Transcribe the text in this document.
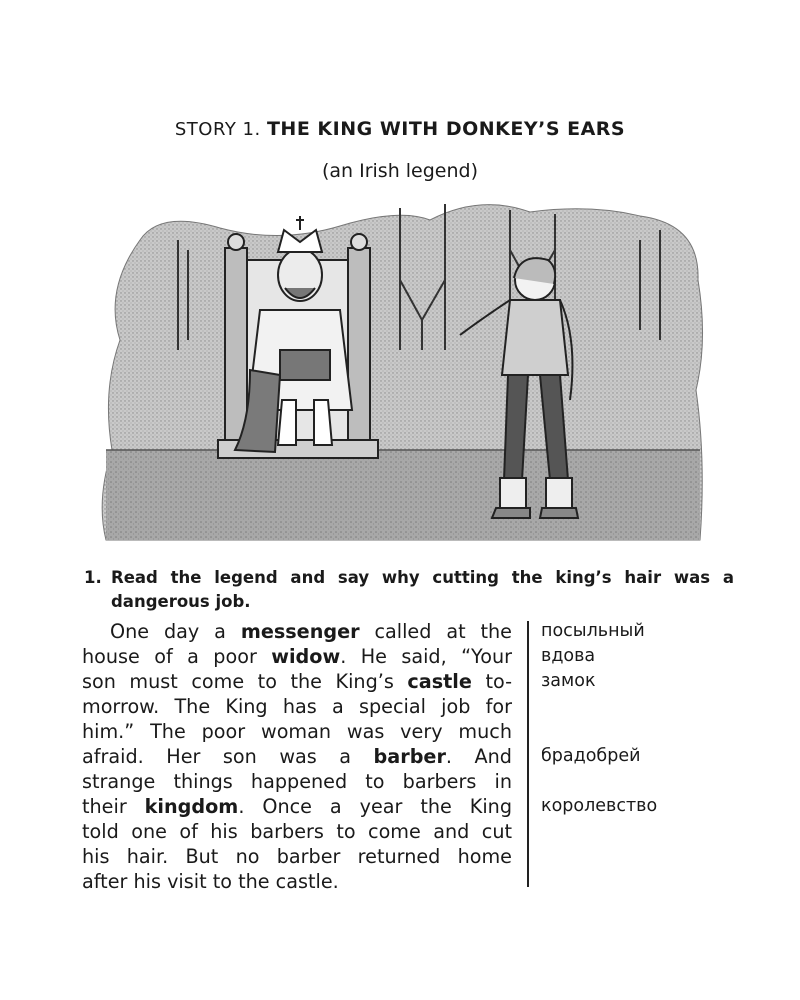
STORY 1. THE KING WITH DONKEY’S EARS
(an Irish legend)
1. Read the legend and say why cutting the king’s hair was a dangerous job.
One day a messenger called at the
house of a poor widow. He said, “Your
son must come to the King’s castle to-
morrow. The King has a special job for
him.” The poor woman was very much
afraid. Her son was a barber. And
strange things happened to barbers in
their kingdom. Once a year the King
told one of his barbers to come and cut
his hair. But no barber returned home
after his visit to the castle.
посыльный
вдова
замок
брадобрей
королевство
